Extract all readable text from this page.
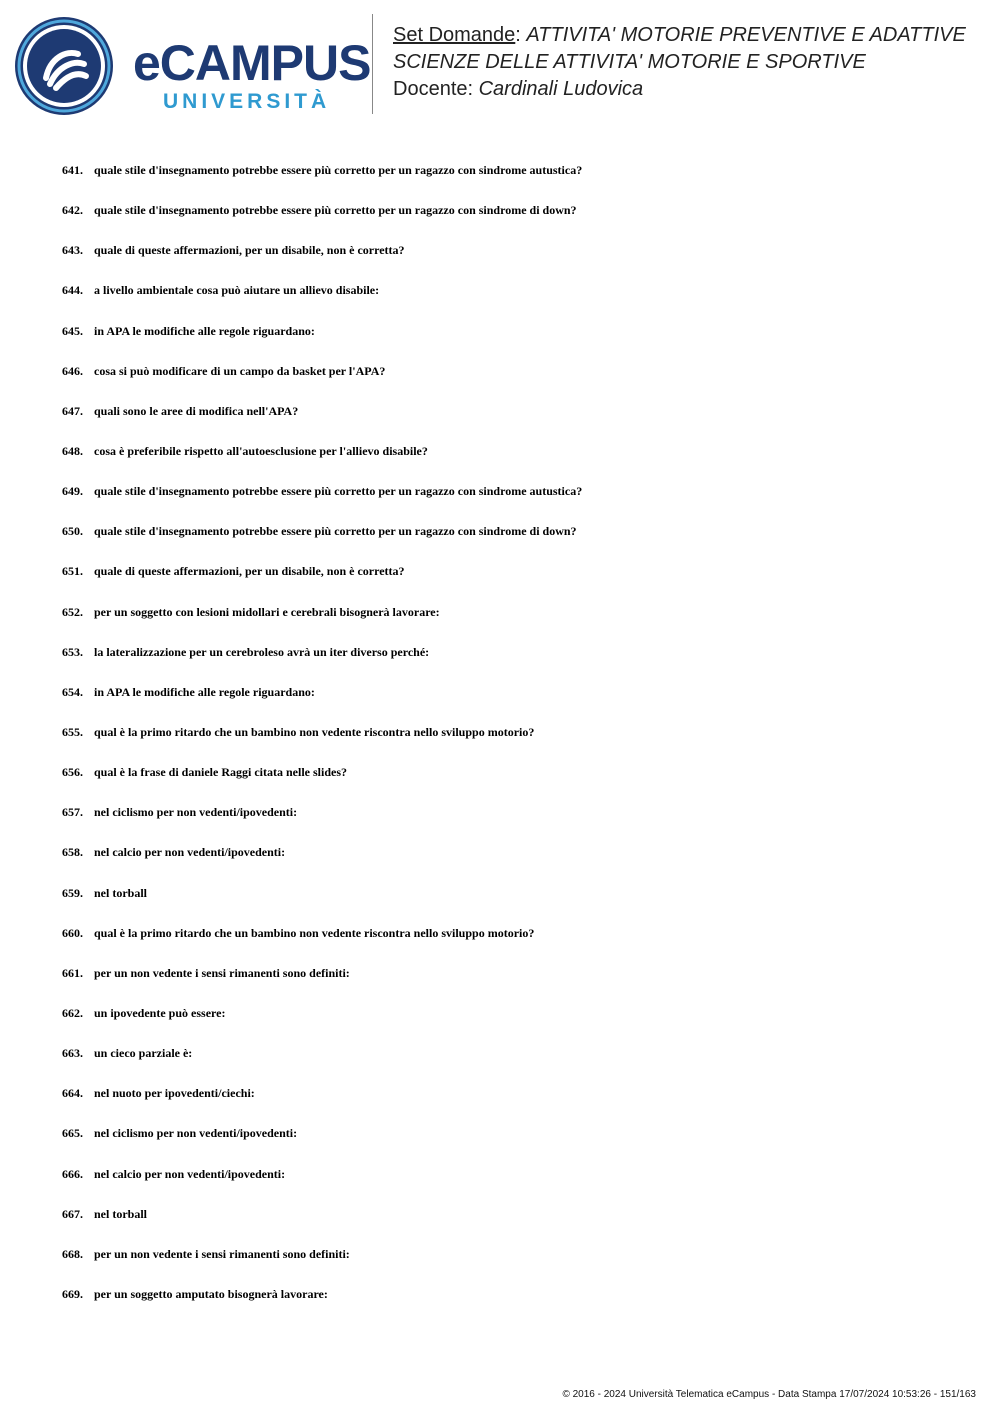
eCAMPUS
UNIVERSITÀ
Set Domande: ATTIVITA' MOTORIE PREVENTIVE E ADATTIVE
SCIENZE DELLE ATTIVITA' MOTORIE E SPORTIVE
Docente: Cardinali Ludovica
641. quale stile d'insegnamento potrebbe essere più corretto per un ragazzo con sindrome autustica?
642. quale stile d'insegnamento potrebbe essere più corretto per un ragazzo con sindrome di down?
643. quale di queste affermazioni, per un disabile, non è corretta?
644. a livello ambientale cosa può aiutare un allievo disabile:
645. in APA le modifiche alle regole riguardano:
646. cosa si può modificare di un campo da basket per l'APA?
647. quali sono le aree di modifica nell'APA?
648. cosa è preferibile rispetto all'autoesclusione per l'allievo disabile?
649. quale stile d'insegnamento potrebbe essere più corretto per un ragazzo con sindrome autustica?
650. quale stile d'insegnamento potrebbe essere più corretto per un ragazzo con sindrome di down?
651. quale di queste affermazioni, per un disabile, non è corretta?
652. per un soggetto con lesioni midollari e cerebrali bisognerà lavorare:
653. la lateralizzazione per un cerebroleso avrà un iter diverso perché:
654. in APA le modifiche alle regole riguardano:
655. qual è la primo ritardo che un bambino non vedente riscontra nello sviluppo motorio?
656. qual è la frase di daniele Raggi citata nelle slides?
657. nel ciclismo per non vedenti/ipovedenti:
658. nel calcio per non vedenti/ipovedenti:
659. nel torball
660. qual è la primo ritardo che un bambino non vedente riscontra nello sviluppo motorio?
661. per un non vedente i sensi rimanenti sono definiti:
662. un ipovedente può essere:
663. un cieco parziale è:
664. nel nuoto per ipovedenti/ciechi:
665. nel ciclismo per non vedenti/ipovedenti:
666. nel calcio per non vedenti/ipovedenti:
667. nel torball
668. per un non vedente i sensi rimanenti sono definiti:
669. per un soggetto amputato bisognerà lavorare:
© 2016 - 2024 Università Telematica eCampus - Data Stampa 17/07/2024 10:53:26 - 151/163
